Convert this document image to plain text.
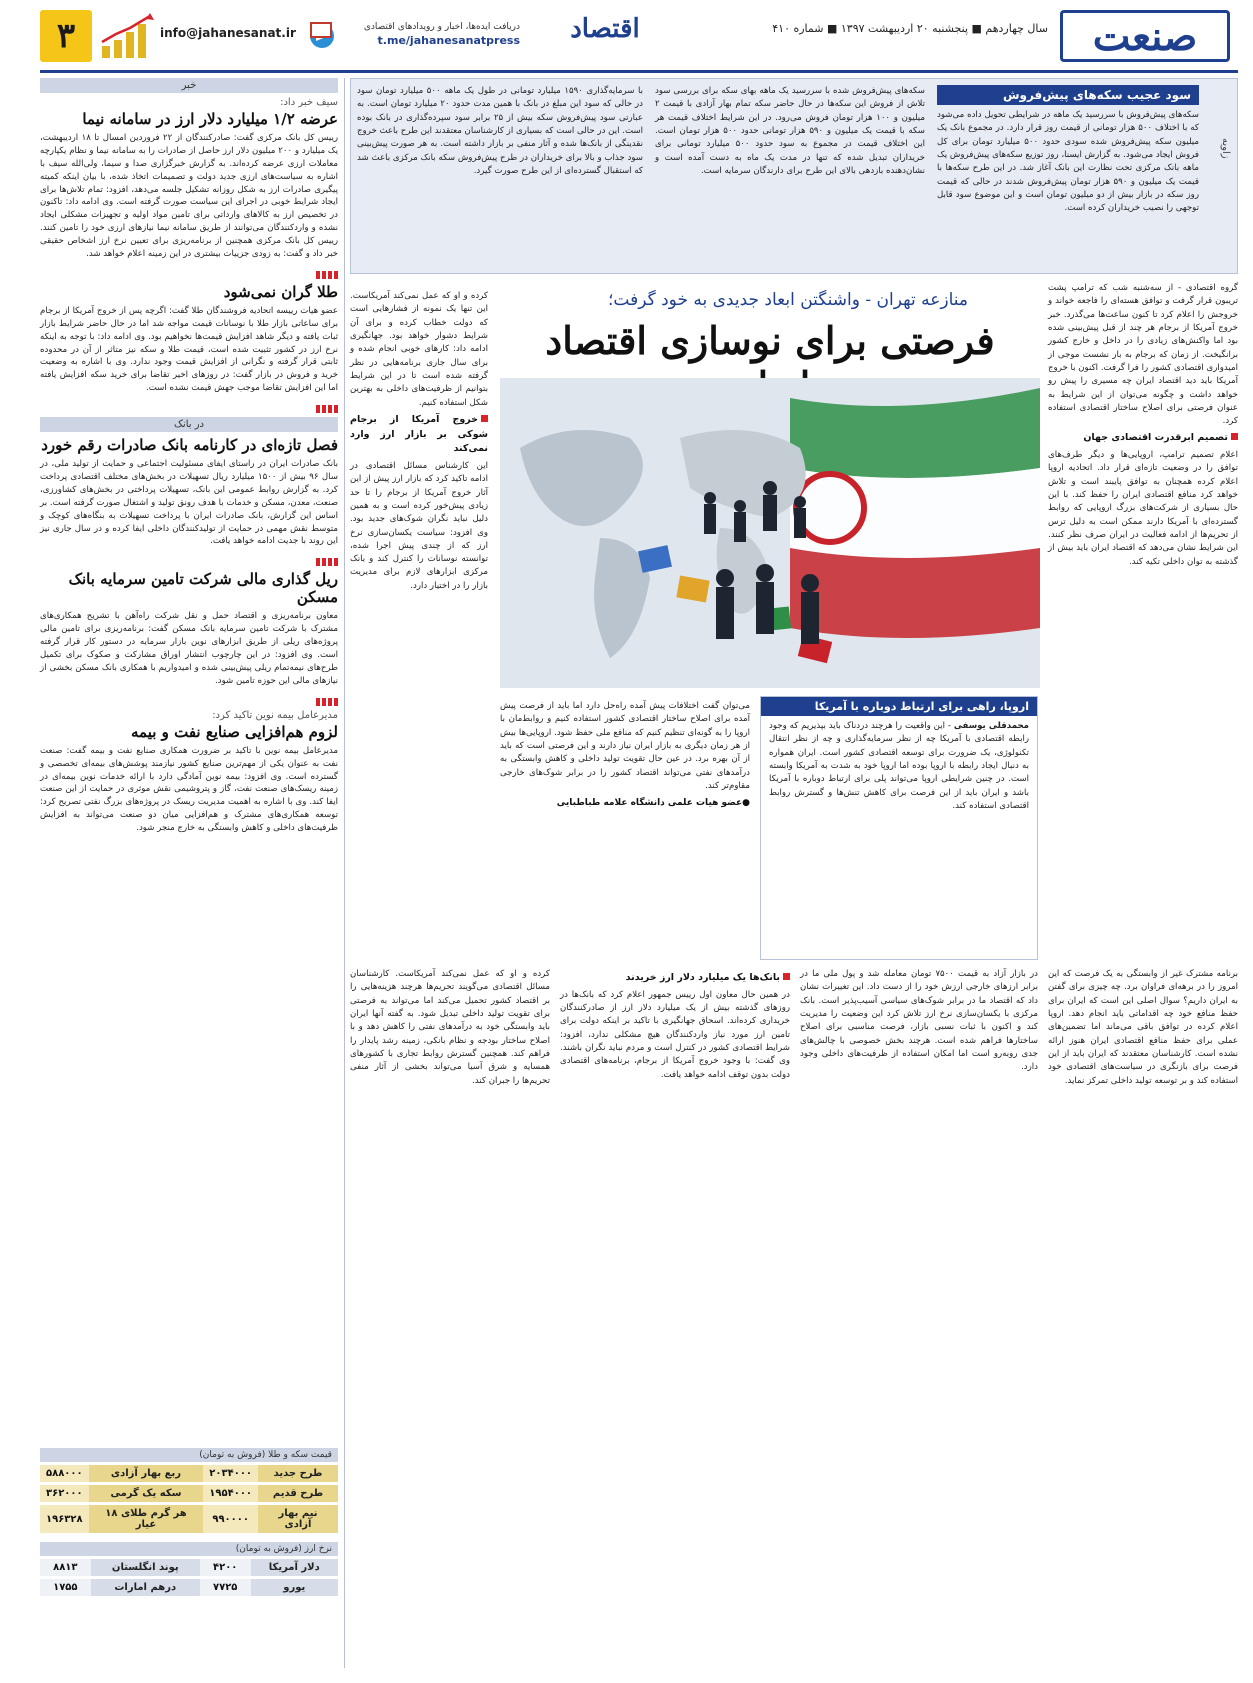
صنعت
سال چهاردهم ■ پنجشنبه ۲۰ اردیبهشت ۱۳۹۷ ■ شماره ۴۱۰
اقتصاد
دریافت ایده‌ها، اخبار و رویدادهای اقتصادی
t.me/jahanesanatpress
info@jahanesanat.ir
۳
خبر
سیف خبر داد:
عرضه ۱/۲ میلیارد دلار ارز در سامانه نیما
رییس کل بانک مرکزی گفت: صادرکنندگان از ۲۲ فروردین امسال تا ۱۸ اردیبهشت، یک میلیارد و ۲۰۰ میلیون دلار ارز حاصل از صادرات را به سامانه نیما و نظام یکپارچه معاملات ارزی عرضه کرده‌اند. به گزارش خبرگزاری صدا و سیما، ولی‌الله سیف با اشاره به سیاست‌های ارزی جدید دولت و تصمیمات اتخاذ شده، با بیان اینکه کمیته پیگیری صادرات ارز به شکل روزانه تشکیل جلسه می‌دهد، افزود: تمام تلاش‌ها برای ایجاد شرایط خوبی در اجرای این سیاست صورت گرفته است. وی ادامه داد: تاکنون در تخصیص ارز به کالاهای وارداتی برای تامین مواد اولیه و تجهیزات مشکلی ایجاد نشده و واردکنندگان می‌توانند از طریق سامانه نیما نیازهای ارزی خود را تامین کنند. رییس کل بانک مرکزی همچنین از برنامه‌ریزی برای تعیین نرخ ارز اشخاص حقیقی خبر داد و گفت: به زودی جزییات بیشتری در این زمینه اعلام خواهد شد.
طلا گران نمی‌شود
عضو هیات رییسه اتحادیه فروشندگان طلا گفت: اگرچه پس از خروج آمریکا از برجام برای ساعاتی بازار طلا با نوسانات قیمت مواجه شد اما در حال حاضر شرایط بازار ثبات یافته و دیگر شاهد افزایش قیمت‌ها نخواهیم بود. وی ادامه داد: با توجه به اینکه نرخ ارز در کشور تثبیت شده است، قیمت طلا و سکه نیز متاثر از آن در محدوده ثابتی قرار گرفته و نگرانی از افزایش قیمت وجود ندارد. وی با اشاره به وضعیت خرید و فروش در بازار گفت: در روزهای اخیر تقاضا برای خرید سکه افزایش یافته اما این افزایش تقاضا موجب جهش قیمت نشده است.
در بانک
فصل تازه‌ای در کارنامه بانک صادرات رقم خورد
بانک صادرات ایران در راستای ایفای مسئولیت اجتماعی و حمایت از تولید ملی، در سال ۹۶ بیش از ۱۵۰۰ میلیارد ریال تسهیلات در بخش‌های مختلف اقتصادی پرداخت کرد. به گزارش روابط عمومی این بانک، تسهیلات پرداختی در بخش‌های کشاورزی، صنعت، معدن، مسکن و خدمات با هدف رونق تولید و اشتغال صورت گرفته است. بر اساس این گزارش، بانک صادرات ایران با پرداخت تسهیلات به بنگاه‌های کوچک و متوسط نقش مهمی در حمایت از تولیدکنندگان داخلی ایفا کرده و در سال جاری نیز این روند با جدیت ادامه خواهد یافت.
ریل گذاری مالی شرکت تامین سرمایه بانک مسکن
معاون برنامه‌ریزی و اقتصاد حمل و نقل شرکت راه‌آهن با تشریح همکاری‌های مشترک با شرکت تامین سرمایه بانک مسکن گفت: برنامه‌ریزی برای تامین مالی پروژه‌های ریلی از طریق ابزارهای نوین بازار سرمایه در دستور کار قرار گرفته است. وی افزود: در این چارچوب انتشار اوراق مشارکت و صکوک برای تکمیل طرح‌های نیمه‌تمام ریلی پیش‌بینی شده و امیدواریم با همکاری بانک مسکن بخشی از نیازهای مالی این حوزه تامین شود.
مدیرعامل بیمه نوین تاکید کرد:
لزوم هم‌افزایی صنایع نفت و بیمه
مدیرعامل بیمه نوین با تاکید بر ضرورت همکاری صنایع نفت و بیمه گفت: صنعت نفت به عنوان یکی از مهم‌ترین صنایع کشور نیازمند پوشش‌های بیمه‌ای تخصصی و گسترده است. وی افزود: بیمه نوین آمادگی دارد با ارائه خدمات نوین بیمه‌ای در زمینه ریسک‌های صنعت نفت، گاز و پتروشیمی نقش موثری در حمایت از این صنعت ایفا کند. وی با اشاره به اهمیت مدیریت ریسک در پروژه‌های بزرگ نفتی تصریح کرد: توسعه همکاری‌های مشترک و هم‌افزایی میان دو صنعت می‌تواند به افزایش ظرفیت‌های داخلی و کاهش وابستگی به خارج منجر شود.
قیمت سکه و طلا (فروش به تومان)
طرح جدید	۲۰۳۴۰۰۰	ربع بهار آزادی	۵۸۸۰۰۰
طرح قدیم	۱۹۵۴۰۰۰	سکه یک گرمی	۳۶۲۰۰۰
نیم بهار آزادی	۹۹۰۰۰۰	هر گرم طلای ۱۸ عیار	۱۹۶۳۲۸
نرخ ارز (فروش به تومان)
دلار آمریکا	۴۲۰۰	پوند انگلستان	۸۸۱۳
یورو	۷۷۲۵	درهم امارات	۱۷۵۵
سود عجیب سکه‌های پیش‌فروش
زاویه
سکه‌های پیش‌فروش با سررسید یک ماهه در شرایطی تحویل داده می‌شود که با اختلاف ۵۰۰ هزار تومانی از قیمت روز قرار دارد. در مجموع بانک یک میلیون سکه پیش‌فروش شده سودی حدود ۵۰۰ میلیارد تومان برای کل فروش ایجاد می‌شود. به گزارش ایسنا، روز توزیع سکه‌های پیش‌فروش یک ماهه بانک مرکزی تحت نظارت این بانک آغاز شد. در این طرح سکه‌ها با قیمت یک میلیون و ۵۹۰ هزار تومان پیش‌فروش شدند در حالی که قیمت روز سکه در بازار بیش از دو میلیون تومان است و این موضوع سود قابل توجهی را نصیب خریداران کرده است.
سکه‌های پیش‌فروش شده با سررسید یک ماهه بهای سکه برای بررسی سود تلاش از فروش این سکه‌ها در حال حاضر سکه تمام بهار آزادی با قیمت ۲ میلیون و ۱۰۰ هزار تومان فروش می‌رود. در این شرایط اختلاف قیمت هر سکه با قیمت یک میلیون و ۵۹۰ هزار تومانی حدود ۵۰۰ هزار تومان است. این اختلاف قیمت در مجموع به سود حدود ۵۰۰ میلیارد تومانی برای خریداران تبدیل شده که تنها در مدت یک ماه به دست آمده است و نشان‌دهنده بازدهی بالای این طرح برای دارندگان سرمایه است.
با سرمایه‌گذاری ۱۵۹۰ میلیارد تومانی در طول یک ماهه ۵۰۰ میلیارد تومان سود در حالی که سود این مبلغ در بانک با همین مدت حدود ۲۰ میلیارد تومان است. به عبارتی سود پیش‌فروش سکه بیش از ۲۵ برابر سود سپرده‌گذاری در بانک بوده است. این در حالی است که بسیاری از کارشناسان معتقدند این طرح باعث خروج نقدینگی از بانک‌ها شده و آثار منفی بر بازار داشته است. به هر صورت پیش‌بینی سود جذاب و بالا برای خریداران در طرح پیش‌فروش سکه بانک مرکزی باعث شد که استقبال گسترده‌ای از این طرح صورت گیرد.
منازعه تهران - واشنگتن ابعاد جدیدی به خود گرفت؛
فرصتی برای نوسازی اقتصاد
گروه اقتصادی - از سه‌شنبه شب که ترامپ پشت تریبون قرار گرفت و توافق هسته‌ای را فاجعه خواند و خروجش را اعلام کرد تا کنون ساعت‌ها می‌گذرد. خبر خروج آمریکا از برجام هر چند از قبل پیش‌بینی شده بود اما واکنش‌های زیادی را در داخل و خارج کشور برانگیخت. از زمان که برجام به بار نشست موجی از امیدواری اقتصادی کشور را فرا گرفت. اکنون با خروج آمریکا باید دید اقتصاد ایران چه مسیری را پیش رو خواهد داشت و چگونه می‌توان از این شرایط به عنوان فرصتی برای اصلاح ساختار اقتصادی استفاده کرد.
تصمیم ابرقدرت اقتصادی جهان
اعلام تصمیم ترامپ، اروپایی‌ها و دیگر طرف‌های توافق را در وضعیت تازه‌ای قرار داد. اتحادیه اروپا اعلام کرده همچنان به توافق پایبند است و تلاش خواهد کرد منافع اقتصادی ایران را حفظ کند. با این حال بسیاری از شرکت‌های بزرگ اروپایی که روابط گسترده‌ای با آمریکا دارند ممکن است به دلیل ترس از تحریم‌ها از ادامه فعالیت در ایران صرف نظر کنند. این شرایط نشان می‌دهد که اقتصاد ایران باید بیش از گذشته به توان داخلی تکیه کند.
کرده و او که عمل نمی‌کند آمریکاست. این تنها یک نمونه از فشارهایی است که دولت خطاب کرده و برای آن شرایط دشوار خواهد بود. جهانگیری ادامه داد: کارهای خوبی انجام شده و برای سال جاری برنامه‌هایی در نظر گرفته شده است تا در این شرایط بتوانیم از ظرفیت‌های داخلی به بهترین شکل استفاده کنیم.
خروج آمریکا از برجام شوکی بر بازار ارز وارد نمی‌کند
این کارشناس مسائل اقتصادی در ادامه تاکید کرد که بازار ارز پیش از این آثار خروج آمریکا از برجام را تا حد زیادی پیش‌خور کرده است و به همین دلیل نباید نگران شوک‌های جدید بود. وی افزود: سیاست یکسان‌سازی نرخ ارز که از چندی پیش اجرا شده، توانسته نوسانات را کنترل کند و بانک مرکزی ابزارهای لازم برای مدیریت بازار را در اختیار دارد.
اروپا، راهی برای ارتباط دوباره با آمریکا
محمدقلی یوسفی - این واقعیت را هرچند دردناک باید بپذیریم که وجود رابطه اقتصادی با آمریکا چه از نظر سرمایه‌گذاری و چه از نظر انتقال تکنولوژی، یک ضرورت برای توسعه اقتصادی کشور است. ایران همواره به دنبال ایجاد رابطه با اروپا بوده اما اروپا خود به شدت به آمریکا وابسته است. در چنین شرایطی اروپا می‌تواند پلی برای ارتباط دوباره با آمریکا باشد و ایران باید از این فرصت برای کاهش تنش‌ها و گسترش روابط اقتصادی استفاده کند.
می‌توان گفت اختلافات پیش آمده راه‌حل دارد اما باید از فرصت پیش آمده برای اصلاح ساختار اقتصادی کشور استفاده کنیم و روابط‌مان با اروپا را به گونه‌ای تنظیم کنیم که منافع ملی حفظ شود. اروپایی‌ها بیش از هر زمان دیگری به بازار ایران نیاز دارند و این فرصتی است که باید از آن بهره برد. در عین حال تقویت تولید داخلی و کاهش وابستگی به درآمدهای نفتی می‌تواند اقتصاد کشور را در برابر شوک‌های خارجی مقاوم‌تر کند.
●عضو هیات علمی دانشگاه علامه طباطبایی
برنامه مشترک غیر از وابستگی به یک فرصت که این امروز را در برهه‌ای فراوان برد. چه چیزی برای گفتن به ایران داریم؟ سوال اصلی این است که ایران برای حفظ منافع خود چه اقداماتی باید انجام دهد. اروپا اعلام کرده در توافق باقی می‌ماند اما تضمین‌های عملی برای حفظ منافع اقتصادی ایران هنوز ارائه نشده است. کارشناسان معتقدند که ایران باید از این فرصت برای بازنگری در سیاست‌های اقتصادی خود استفاده کند و بر توسعه تولید داخلی تمرکز نماید.
در بازار آزاد به قیمت ۷۵۰۰ تومان معامله شد و پول ملی ما در برابر ارزهای خارجی ارزش خود را از دست داد. این تغییرات نشان داد که اقتصاد ما در برابر شوک‌های سیاسی آسیب‌پذیر است. بانک مرکزی با یکسان‌سازی نرخ ارز تلاش کرد این وضعیت را مدیریت کند و اکنون با ثبات نسبی بازار، فرصت مناسبی برای اصلاح ساختارها فراهم شده است. هرچند بخش خصوصی با چالش‌های جدی روبه‌رو است اما امکان استفاده از ظرفیت‌های داخلی وجود دارد.
بانک‌ها یک میلیارد دلار ارز خریدند
در همین حال معاون اول رییس جمهور اعلام کرد که بانک‌ها در روزهای گذشته بیش از یک میلیارد دلار ارز از صادرکنندگان خریداری کرده‌اند. اسحاق جهانگیری با تاکید بر اینکه دولت برای تامین ارز مورد نیاز واردکنندگان هیچ مشکلی ندارد، افزود: شرایط اقتصادی کشور در کنترل است و مردم نباید نگران باشند. وی گفت: با وجود خروج آمریکا از برجام، برنامه‌های اقتصادی دولت بدون توقف ادامه خواهد یافت.
کرده و او که عمل نمی‌کند آمریکاست. کارشناسان مسائل اقتصادی می‌گویند تحریم‌ها هرچند هزینه‌هایی را بر اقتصاد کشور تحمیل می‌کند اما می‌تواند به فرصتی برای تقویت تولید داخلی تبدیل شود. به گفته آنها ایران باید وابستگی خود به درآمدهای نفتی را کاهش دهد و با اصلاح ساختار بودجه و نظام بانکی، زمینه رشد پایدار را فراهم کند. همچنین گسترش روابط تجاری با کشورهای همسایه و شرق آسیا می‌تواند بخشی از آثار منفی تحریم‌ها را جبران کند.
